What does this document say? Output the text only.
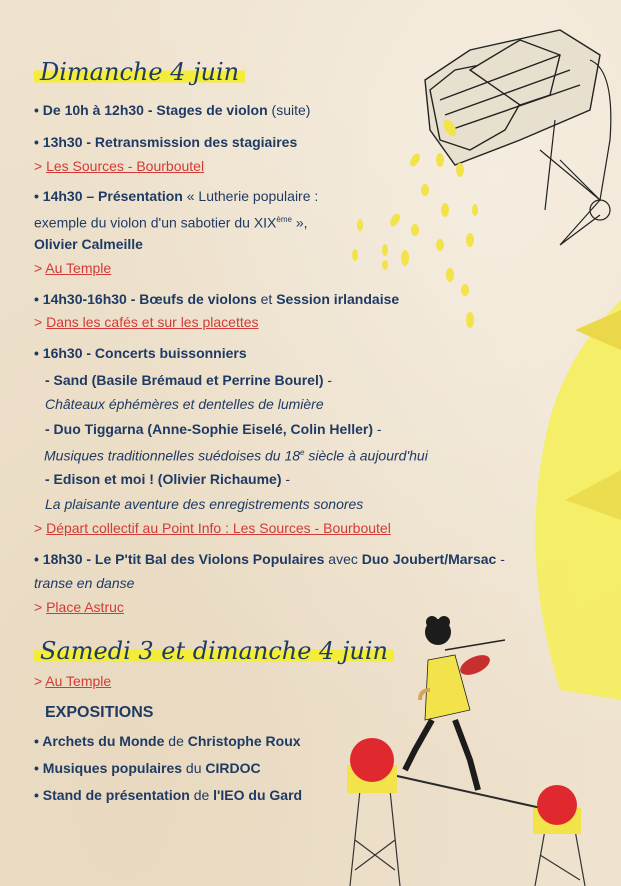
Dimanche 4 juin
• De 10h à 12h30 - Stages de violon (suite)
• 13h30 - Retransmission des stagiaires
> Les Sources - Bourboutel
• 14h30 – Présentation « Lutherie populaire :
exemple du violon d'un sabotier du XIXème »,
Olivier Calmeille
> Au Temple
• 14h30-16h30 - Bœufs de violons et Session irlandaise
> Dans les cafés et sur les placettes
• 16h30 - Concerts buissonniers
- Sand (Basile Brémaud et Perrine Bourel) -
Châteaux éphémères et dentelles de lumière
- Duo Tiggarna (Anne-Sophie Eiselé, Colin Heller) -
Musiques traditionnelles suédoises du 18e siècle à aujourd'hui
- Edison et moi ! (Olivier Richaume) -
La plaisante aventure des enregistrements sonores
> Départ collectif au Point Info : Les Sources - Bourboutel
• 18h30 - Le P'tit Bal des Violons Populaires avec Duo Joubert/Marsac -
transe en danse
> Place Astruc
Samedi 3 et dimanche 4 juin
> Au Temple
EXPOSITIONS
• Archets du Monde de Christophe Roux
• Musiques populaires du CIRDOC
• Stand de présentation de l'IEO du Gard
